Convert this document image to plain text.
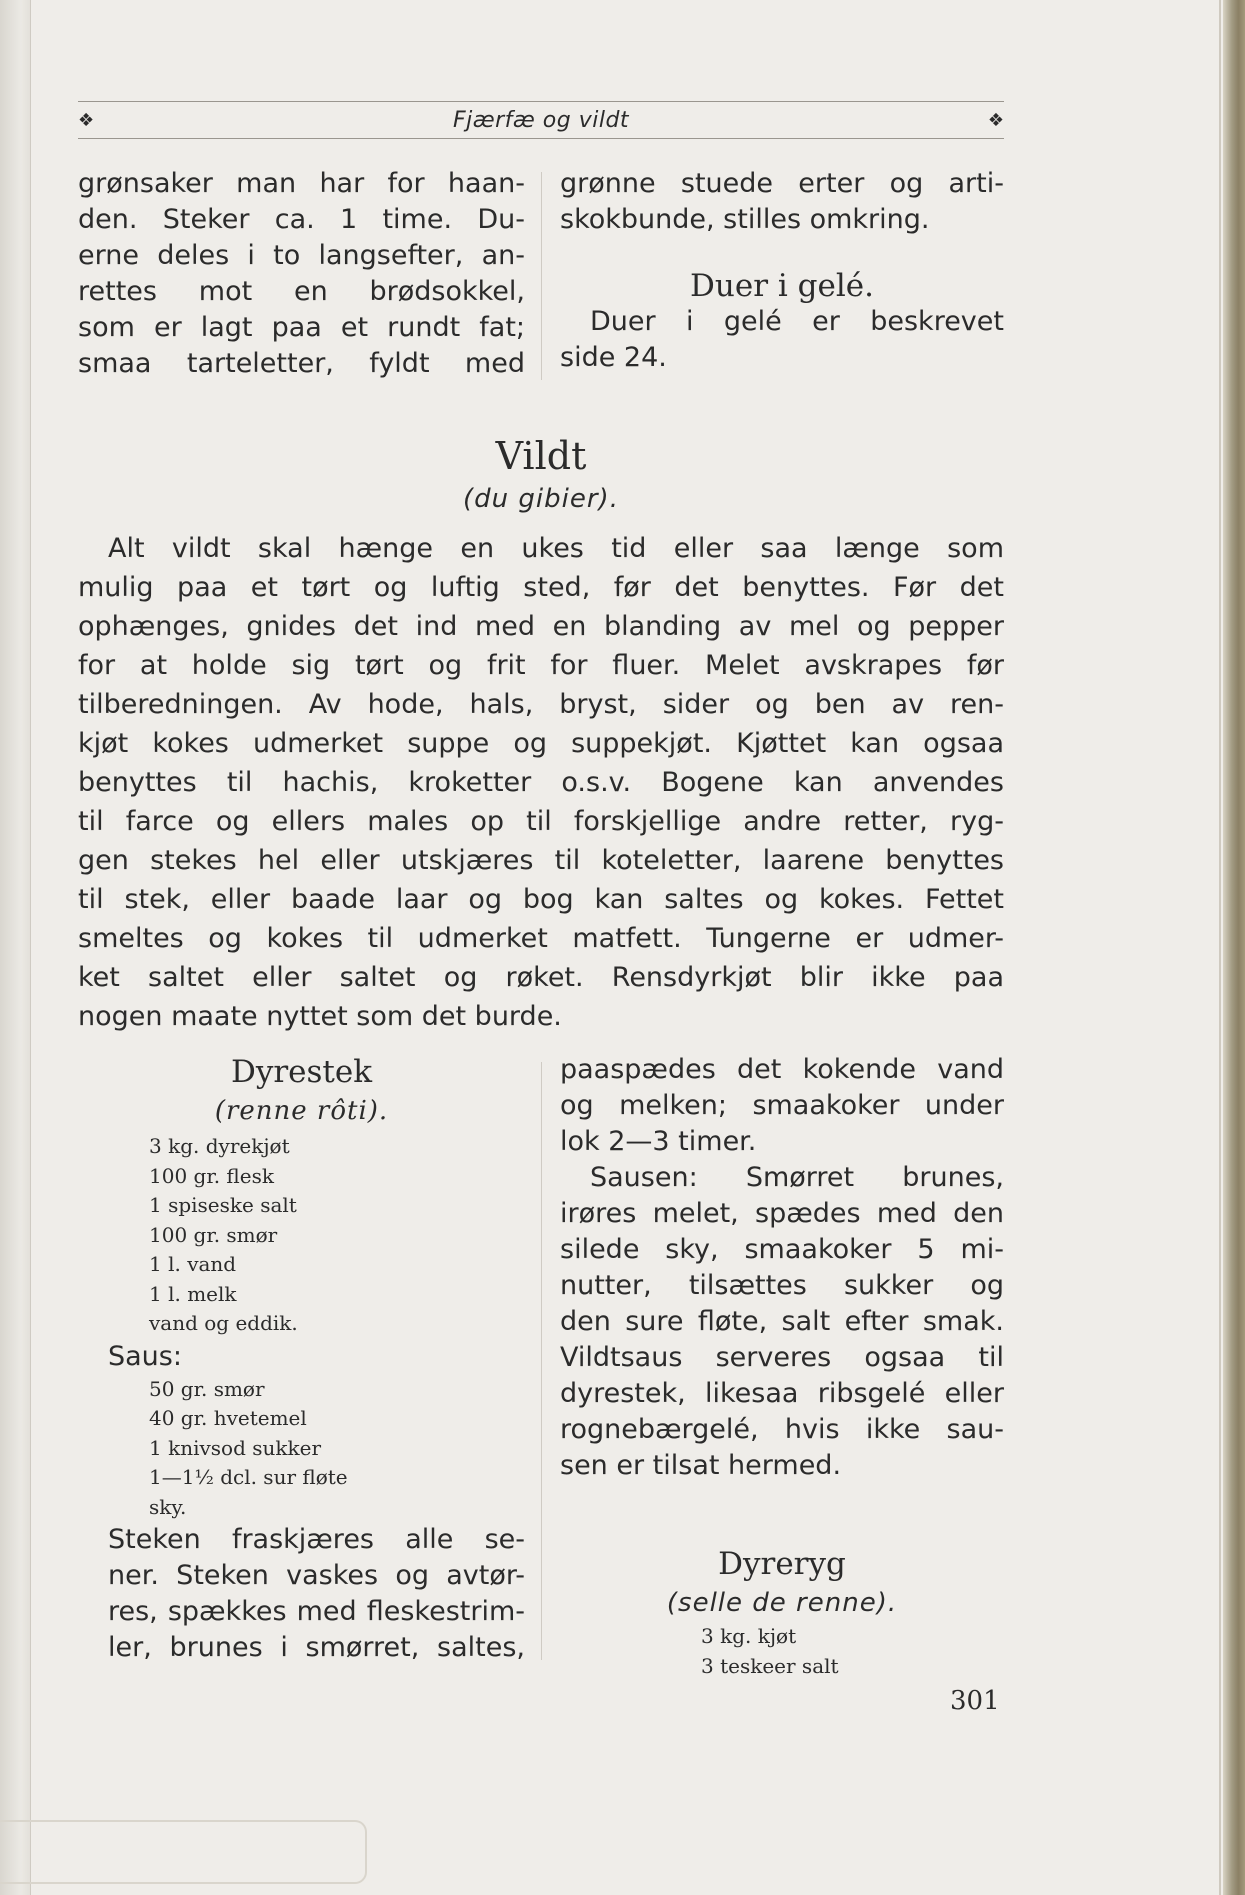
❖	Fjærfæ og vildt	❖

grønsaker man har for haan-

den. Steker ca. 1 time. Du-

erne deles i to langsefter, an-

rettes mot en brødsokkel,

som er lagt paa et rundt fat;

smaa tarteletter, fyldt med

grønne stuede erter og arti-

skokbunde, stilles omkring.

Duer i gelé.

Duer i gelé er beskrevet

side 24.

Vildt
(du gibier).

Alt vildt skal hænge en ukes tid eller saa længe som

mulig paa et tørt og luftig sted, før det benyttes. Før det

ophænges, gnides det ind med en blanding av mel og pepper

for at holde sig tørt og frit for fluer. Melet avskrapes før

tilberedningen. Av hode, hals, bryst, sider og ben av ren-

kjøt kokes udmerket suppe og suppekjøt. Kjøttet kan ogsaa

benyttes til hachis, kroketter o.s.v. Bogene kan anvendes

til farce og ellers males op til forskjellige andre retter, ryg-

gen stekes hel eller utskjæres til koteletter, laarene benyttes

til stek, eller baade laar og bog kan saltes og kokes. Fettet

smeltes og kokes til udmerket matfett. Tungerne er udmer-

ket saltet eller saltet og røket. Rensdyrkjøt blir ikke paa

nogen maate nyttet som det burde.

Dyrestek
(renne rôti).
3 kg. dyrekjøt
100 gr. flesk
1 spiseske salt
100 gr. smør
1 l. vand
1 l. melk
vand og eddik.
Saus:
50 gr. smør
40 gr. hvetemel
1 knivsod sukker
1—1½ dcl. sur fløte
sky.

Steken fraskjæres alle se-

ner. Steken vaskes og avtør-

res, spækkes med fleskestrim-

ler, brunes i smørret, saltes,

paaspædes det kokende vand

og melken; smaakoker under

lok 2—3 timer.

Sausen: Smørret brunes,

irøres melet, spædes med den

silede sky, smaakoker 5 mi-

nutter, tilsættes sukker og

den sure fløte, salt efter smak.

Vildtsaus serveres ogsaa til

dyrestek, likesaa ribsgelé eller

rognebærgelé, hvis ikke sau-

sen er tilsat hermed.

Dyreryg
(selle de renne).
3 kg. kjøt
3 teskeer salt
301
